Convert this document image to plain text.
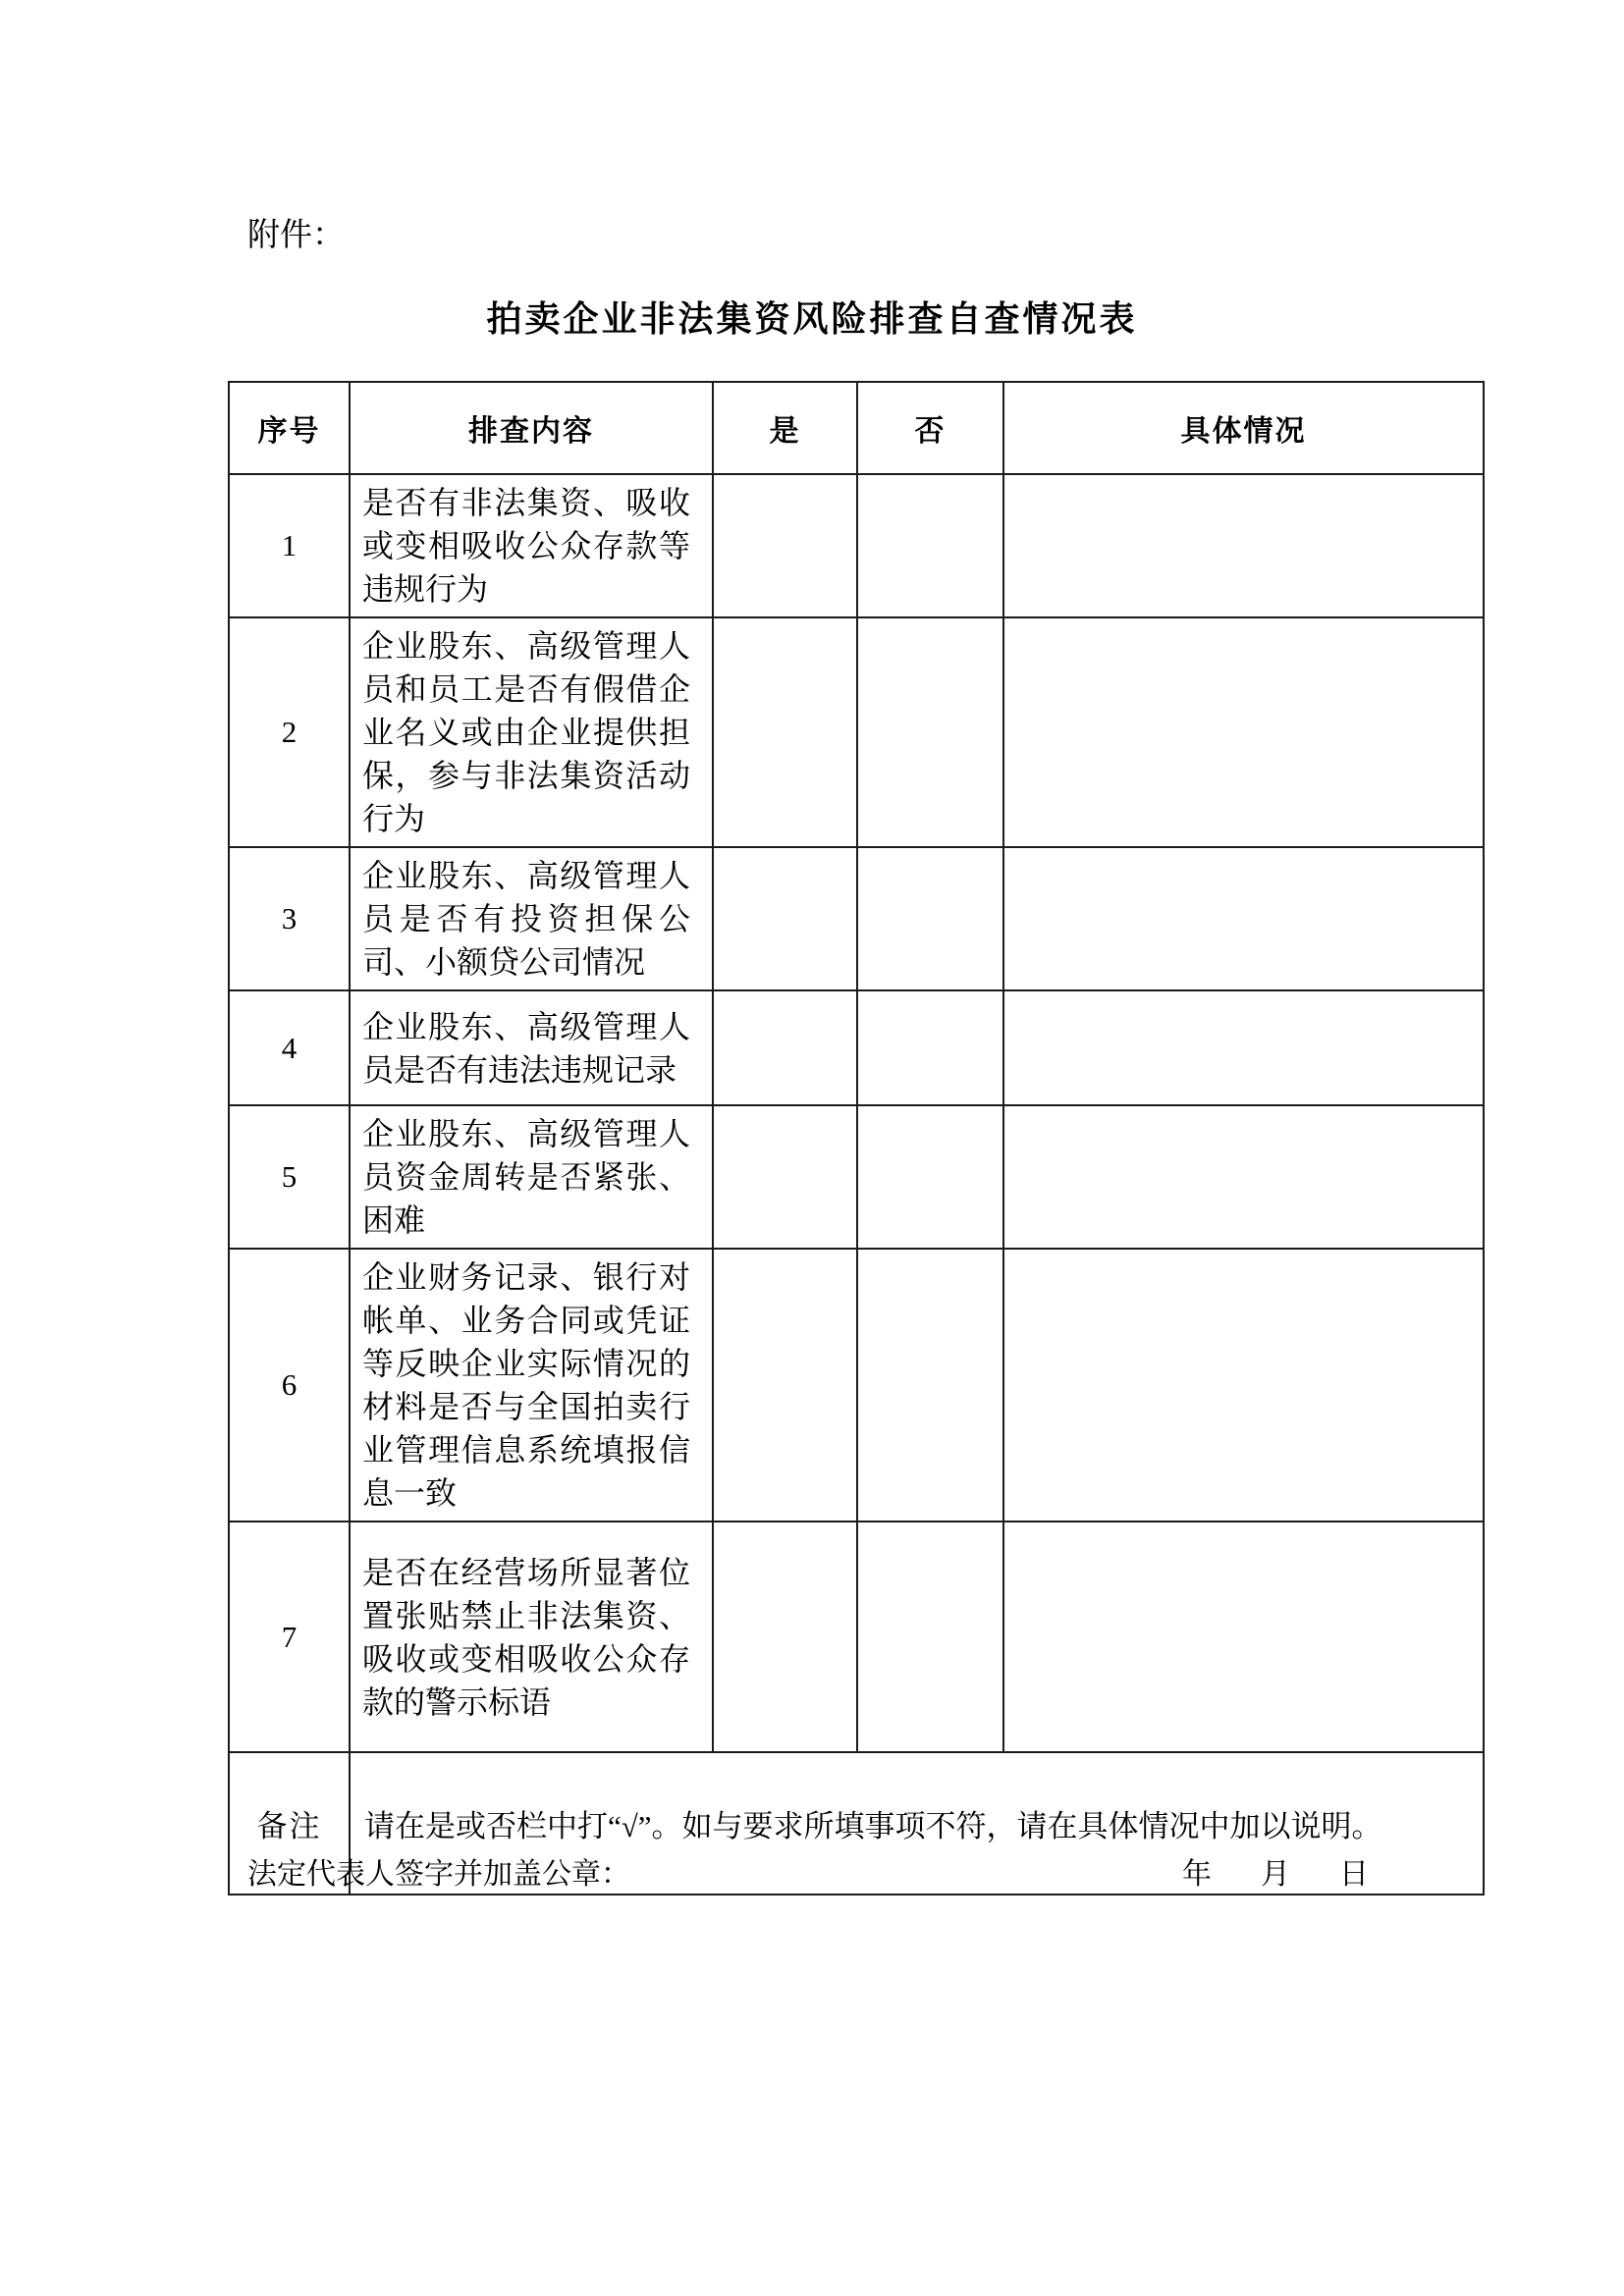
附件：
拍卖企业非法集资风险排查自查情况表
序号	排查内容	是	否	具体情况
1	是否有非法集资、吸收或变相吸收公众存款等违规行为			
2	企业股东、高级管理人员和员工是否有假借企业名义或由企业提供担保，参与非法集资活动行为			
3	企业股东、高级管理人员是否有投资担保公司、小额贷公司情况			
4	企业股东、高级管理人员是否有违法违规记录			
5	企业股东、高级管理人员资金周转是否紧张、困难			
6	企业财务记录、银行对帐单、业务合同或凭证等反映企业实际情况的材料是否与全国拍卖行业管理信息系统填报信息一致			
7	是否在经营场所显著位置张贴禁止非法集资、吸收或变相吸收公众存款的警示标语			
备注	请在是或否栏中打“√”。如与要求所填事项不符，请在具体情况中加以说明。			
法定代表人签字并加盖公章：	年 月 日
